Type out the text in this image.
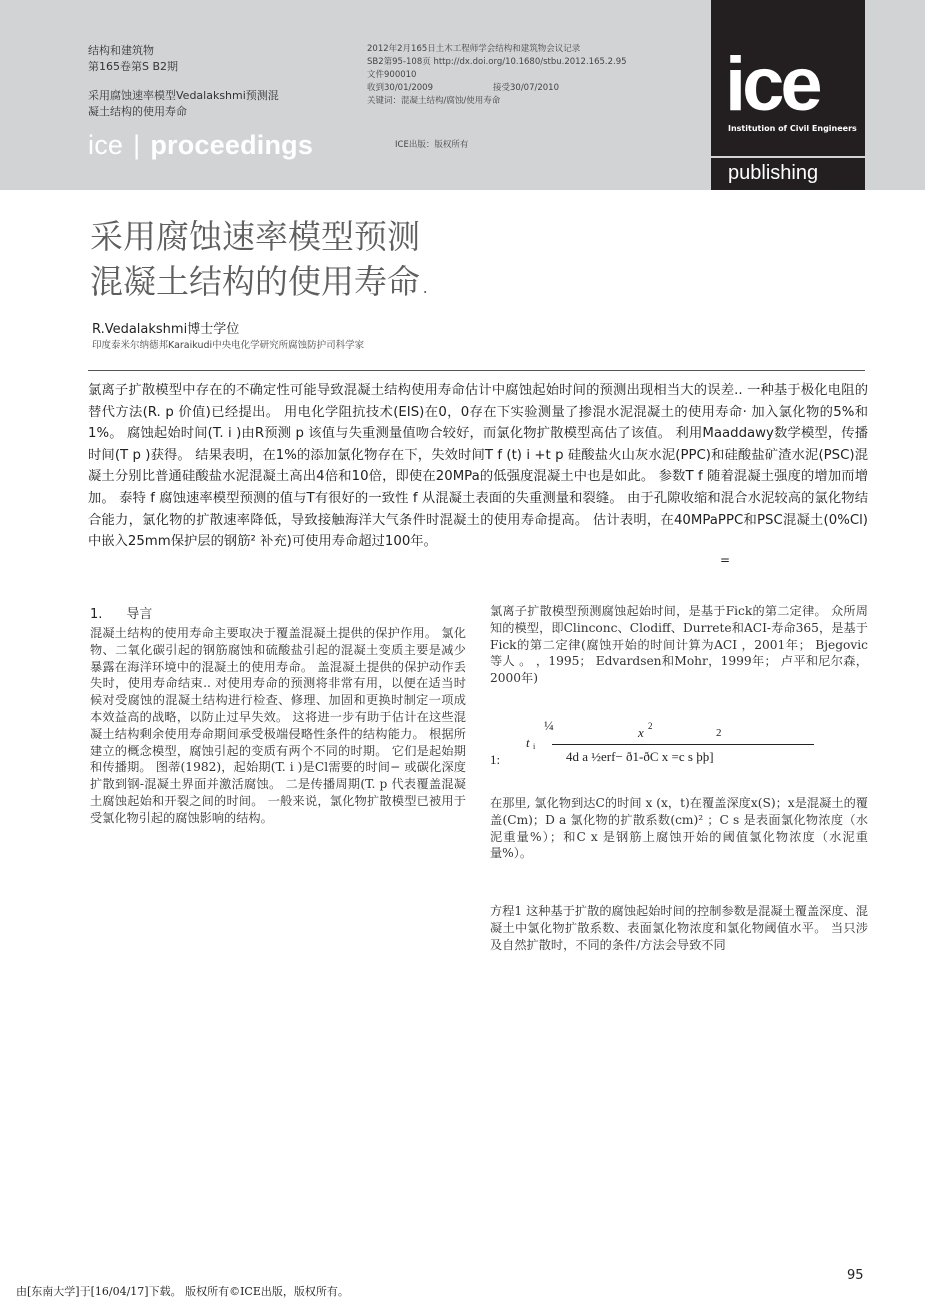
结构和建筑物
第165卷第S B2期
采用腐蚀速率模型Vedalakshmi预测混
凝土结构的使用寿命
ice | proceedings
2012年2月165日土木工程师学会结构和建筑物会议记录
SB2第95-108页 http://dx.doi.org/10.1680/stbu.2012.165.2.95
文件900010
收到30/01/2009	接受30/07/2010
关键词：混凝土结构/腐蚀/使用寿命
ICE出版：版权所有
ice
Institution of Civil Engineers
publishing
采用腐蚀速率模型预测
混凝土结构的使用寿命.
R.Vedalakshmi博士学位
印度泰米尔纳德邦Karaikudi中央电化学研究所腐蚀防护司科学家
氯离子扩散模型中存在的不确定性可能导致混凝土结构使用寿命估计中腐蚀起始时间的预测出现相当大的误差.. 一种基于极化电阻的替代方法(R. p 价值)已经提出。 用电化学阻抗技术(EIS)在0，0存在下实验测量了掺混水泥混凝土的使用寿命· 加入氯化物的5%和1%。 腐蚀起始时间(T. i )由R预测 p 该值与失重测量值吻合较好，而氯化物扩散模型高估了该值。 利用Maaddawy数学模型，传播时间(T p )获得。 结果表明，在1%的添加氯化物存在下，失效时间T f (t) i +t p 硅酸盐火山灰水泥(PPC)和硅酸盐矿渣水泥(PSC)混凝土分别比普通硅酸盐水泥混凝土高出4倍和10倍，即使在20MPa的低强度混凝土中也是如此。 参数T f 随着混凝土强度的增加而增加。 泰特 f 腐蚀速率模型预测的值与T有很好的一致性 f 从混凝土表面的失重测量和裂缝。 由于孔隙收缩和混合水泥较高的氯化物结合能力，氯化物的扩散速率降低，导致接触海洋大气条件时混凝土的使用寿命提高。 估计表明，在40MPaPPC和PSC混凝土(0%Cl)中嵌入25mm保护层的钢筋² 补充)可使用寿命超过100年。
=
1. 导言
混凝土结构的使用寿命主要取决于覆盖混凝土提供的保护作用。 氯化物、二氧化碳引起的钢筋腐蚀和硫酸盐引起的混凝土变质主要是减少暴露在海洋环境中的混凝土的使用寿命。 盖混凝土提供的保护动作丢失时，使用寿命结束.. 对使用寿命的预测将非常有用，以便在适当时候对受腐蚀的混凝土结构进行检查、修理、加固和更换时制定一项成本效益高的战略，以防止过早失效。 这将进一步有助于估计在这些混凝土结构剩余使用寿命期间承受极端侵略性条件的结构能力。 根据所建立的概念模型，腐蚀引起的变质有两个不同的时期。 它们是起始期和传播期。 图蒂(1982)，起始期(T. i )是Cl需要的时间− 或碳化深度扩散到钢-混凝土界面并激活腐蚀。 二是传播周期(T. p 代表覆盖混凝土腐蚀起始和开裂之间的时间。 一般来说，氯化物扩散模型已被用于受氯化物引起的腐蚀影响的结构。
氯离子扩散模型预测腐蚀起始时间，是基于Fick的第二定律。 众所周知的模型，即Clinconc、Clodiff、Durrete和ACI-寿命365，是基于Fick的第二定律(腐蚀开始的时间计算为ACI ，2001年； Bjegovic 等人 。 ，1995； Edvardsen和Mohr，1999年； 卢平和尼尔森，2000年)
¼	x 2
2
t i
1:	4d a ½erf− ð1-ðC x =c s þþ]
在那里, 氯化物到达C的时间 x (x，t)在覆盖深度x(S)；x是混凝土的覆盖(Cm)；D a 氯化物的扩散系数(cm)² ；C s 是表面氯化物浓度（水泥重量%）；和C x 是钢筋上腐蚀开始的阈值氯化物浓度（水泥重量%）。
方程1 这种基于扩散的腐蚀起始时间的控制参数是混凝土覆盖深度、混凝土中氯化物扩散系数、表面氯化物浓度和氯化物阈值水平。 当只涉及自然扩散时，不同的条件/方法会导致不同
95
由[东南大学]于[16/04/17]下载。 版权所有©ICE出版，版权所有。
